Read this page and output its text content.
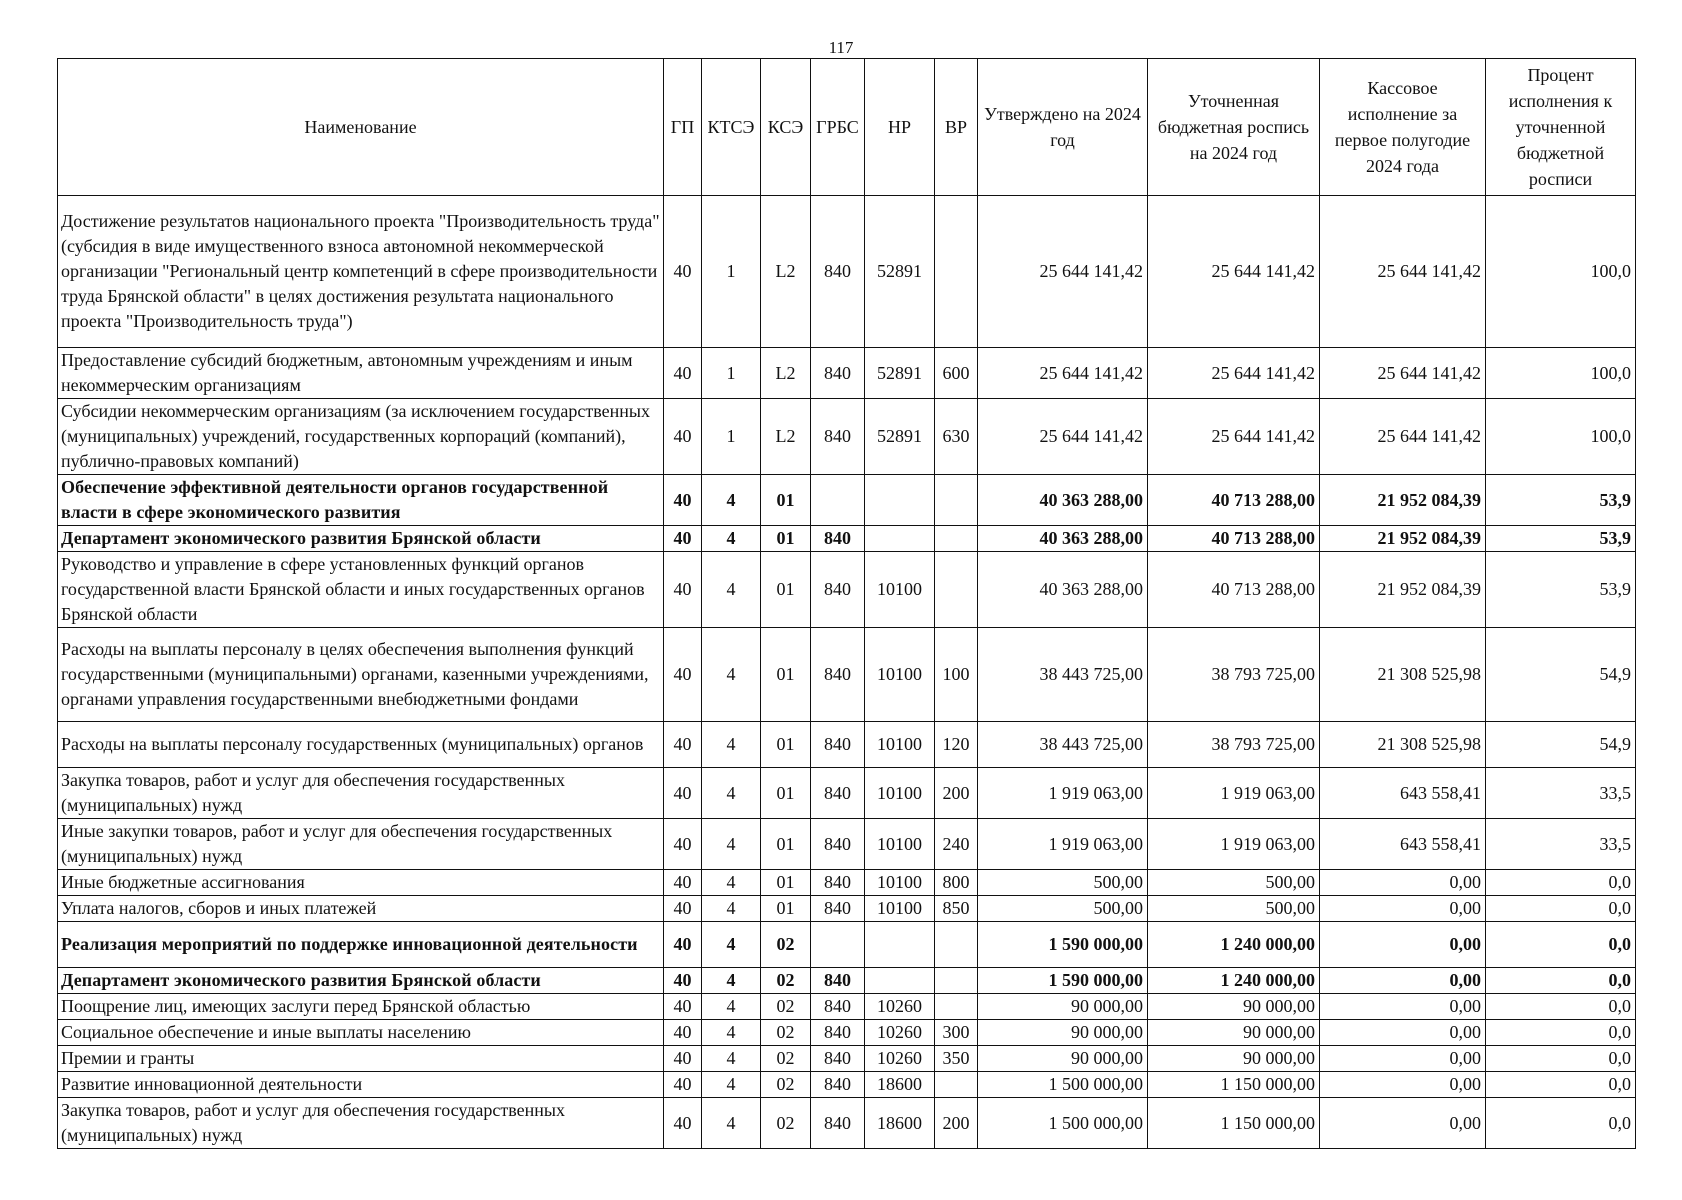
117
Наименование	ГП	КТСЭ	КСЭ	ГРБС	НР	ВР	Утверждено на 2024 год	Уточненная бюджетная роспись на 2024 год	Кассовое исполнение за первое полугодие 2024 года	Процент исполнения к уточненной бюджетной росписи
Достижение результатов национального проекта "Производительность труда" (субсидия в виде имущественного взноса автономной некоммерческой организации "Региональный центр компетенций в сфере производительности труда Брянской области" в целях достижения результата национального проекта "Производительность труда")	40	1	L2	840	52891		25 644 141,42	25 644 141,42	25 644 141,42	100,0
Предоставление субсидий бюджетным, автономным учреждениям и иным некоммерческим организациям	40	1	L2	840	52891	600	25 644 141,42	25 644 141,42	25 644 141,42	100,0
Субсидии некоммерческим организациям (за исключением государственных (муниципальных) учреждений, государственных корпораций (компаний), публично-правовых компаний)	40	1	L2	840	52891	630	25 644 141,42	25 644 141,42	25 644 141,42	100,0
Обеспечение эффективной деятельности органов государственной власти в сфере экономического развития	40	4	01				40 363 288,00	40 713 288,00	21 952 084,39	53,9
Департамент экономического развития Брянской области	40	4	01	840			40 363 288,00	40 713 288,00	21 952 084,39	53,9
Руководство и управление в сфере установленных функций органов государственной власти Брянской области и иных государственных органов Брянской области	40	4	01	840	10100		40 363 288,00	40 713 288,00	21 952 084,39	53,9
Расходы на выплаты персоналу в целях обеспечения выполнения функций государственными (муниципальными) органами, казенными учреждениями, органами управления государственными внебюджетными фондами	40	4	01	840	10100	100	38 443 725,00	38 793 725,00	21 308 525,98	54,9
Расходы на выплаты персоналу государственных (муниципальных) органов	40	4	01	840	10100	120	38 443 725,00	38 793 725,00	21 308 525,98	54,9
Закупка товаров, работ и услуг для обеспечения государственных (муниципальных) нужд	40	4	01	840	10100	200	1 919 063,00	1 919 063,00	643 558,41	33,5
Иные закупки товаров, работ и услуг для обеспечения государственных (муниципальных) нужд	40	4	01	840	10100	240	1 919 063,00	1 919 063,00	643 558,41	33,5
Иные бюджетные ассигнования	40	4	01	840	10100	800	500,00	500,00	0,00	0,0
Уплата налогов, сборов и иных платежей	40	4	01	840	10100	850	500,00	500,00	0,00	0,0
Реализация мероприятий по поддержке инновационной деятельности	40	4	02				1 590 000,00	1 240 000,00	0,00	0,0
Департамент экономического развития Брянской области	40	4	02	840			1 590 000,00	1 240 000,00	0,00	0,0
Поощрение лиц, имеющих заслуги перед Брянской областью	40	4	02	840	10260		90 000,00	90 000,00	0,00	0,0
Социальное обеспечение и иные выплаты населению	40	4	02	840	10260	300	90 000,00	90 000,00	0,00	0,0
Премии и гранты	40	4	02	840	10260	350	90 000,00	90 000,00	0,00	0,0
Развитие инновационной деятельности	40	4	02	840	18600		1 500 000,00	1 150 000,00	0,00	0,0
Закупка товаров, работ и услуг для обеспечения государственных (муниципальных) нужд	40	4	02	840	18600	200	1 500 000,00	1 150 000,00	0,00	0,0
